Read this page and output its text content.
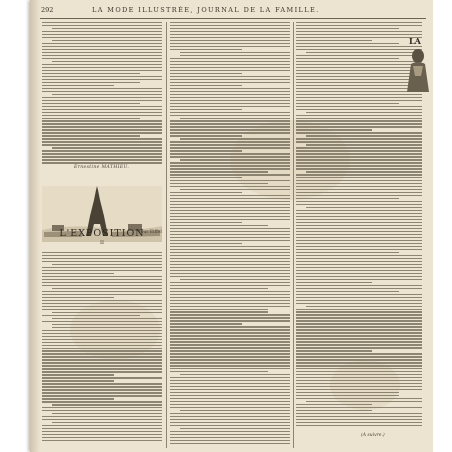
292	LA MODE ILLUSTRÉE, JOURNAL DE LA FAMILLE.
Ernestine MATHIEU.
Tour Eiffel
L'EXPOSITION
II
(A suivre.)
LA
